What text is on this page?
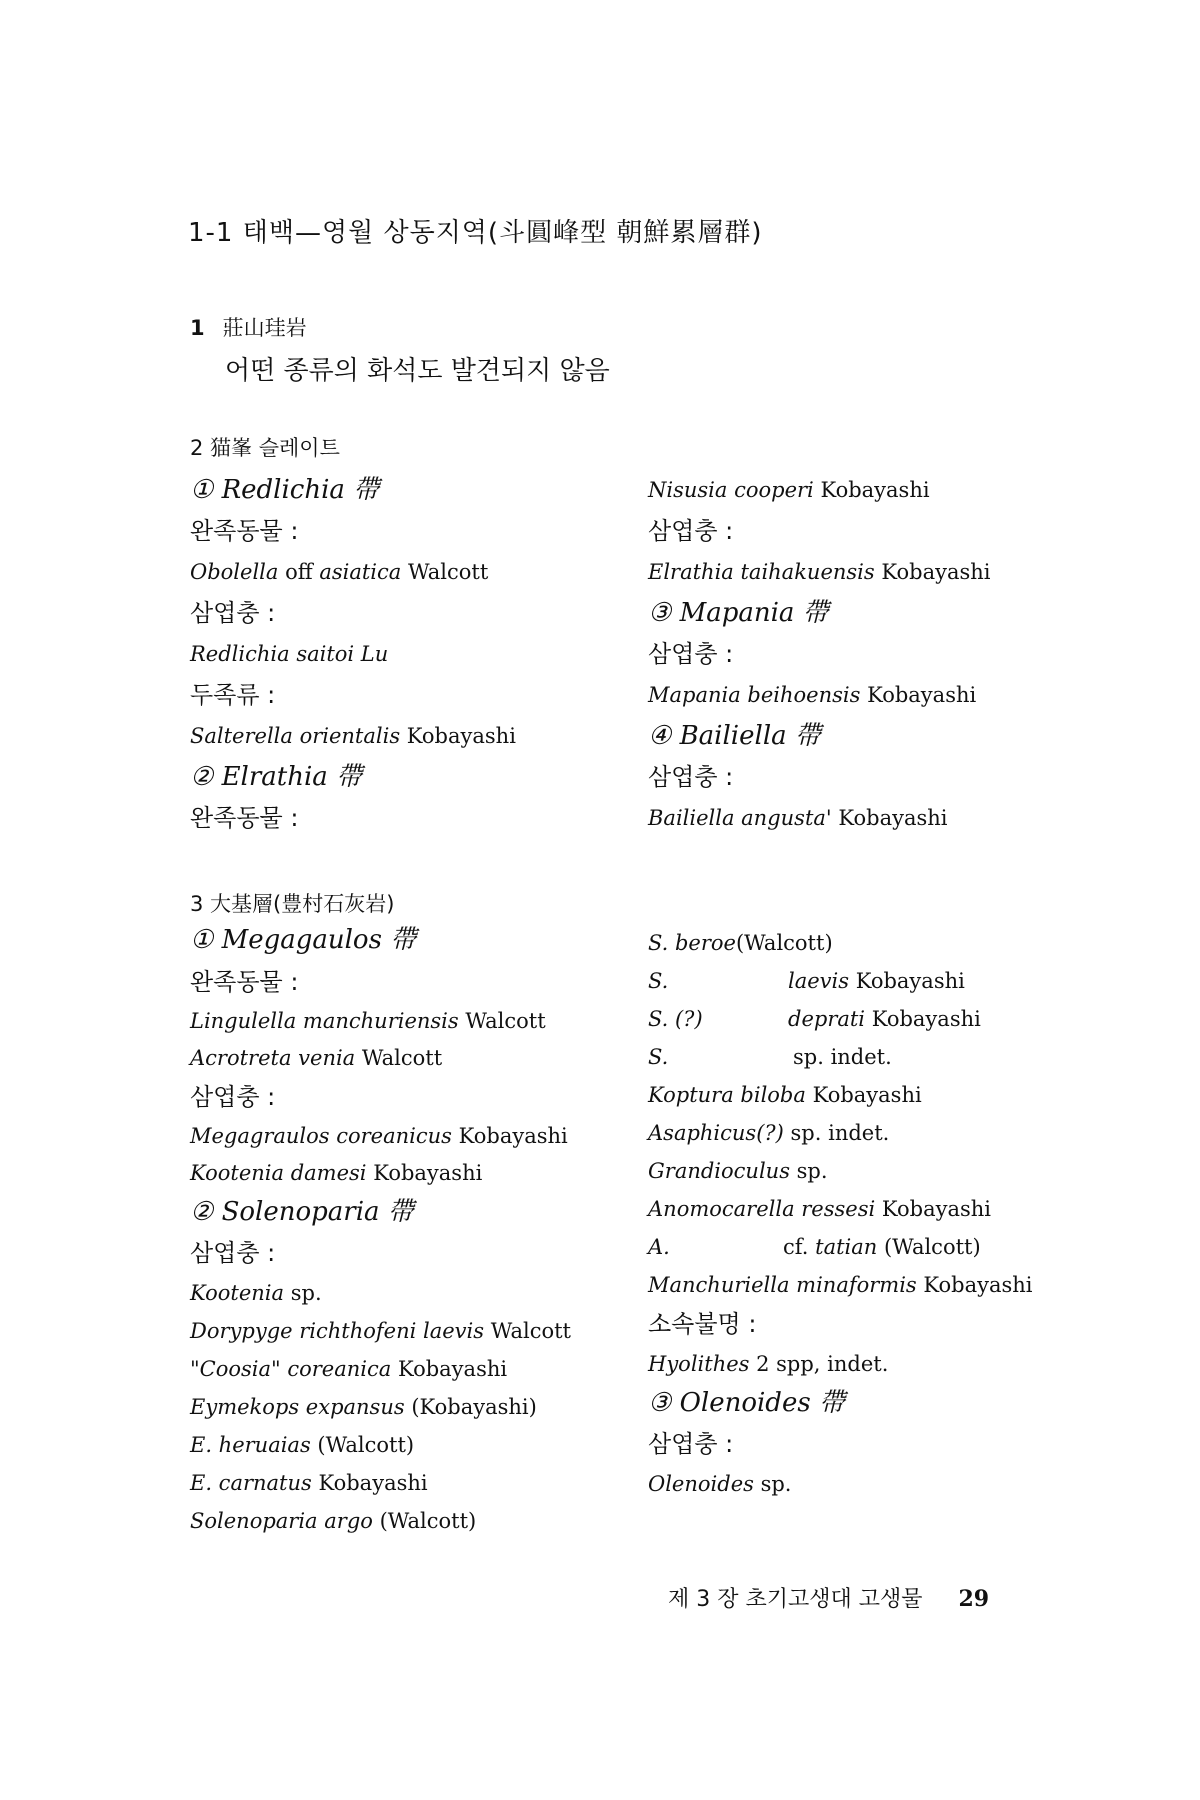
1-1 태백—영월 상동지역(斗圓峰型 朝鮮累層群)
1 莊山珪岩
어떤 종류의 화석도 발견되지 않음
2 猫峯 슬레이트
① Redlichia 帶
완족동물 :
Obolella off asiatica Walcott
삼엽충 :
Redlichia saitoi Lu
두족류 :
Salterella orientalis Kobayashi
② Elrathia 帶
완족동물 :
Nisusia cooperi Kobayashi
삼엽충 :
Elrathia taihakuensis Kobayashi
③ Mapania 帶
삼엽충 :
Mapania beihoensis Kobayashi
④ Bailiella 帶
삼엽충 :
Bailiella angusta' Kobayashi
3 大基層(豊村石灰岩)
① Megagaulos 帶
완족동물 :
Lingulella manchuriensis Walcott
Acrotreta venia Walcott
삼엽충 :
Megagraulos coreanicus Kobayashi
Kootenia damesi Kobayashi
② Solenoparia 帶
삼엽충 :
Kootenia sp.
Dorypyge richthofeni laevis Walcott
"Coosia" coreanica Kobayashi
Eymekops expansus (Kobayashi)
E. heruaias (Walcott)
E. carnatus Kobayashi
Solenoparia argo (Walcott)
S. beroe(Walcott)
S.	laevis Kobayashi
S. (?)	deprati Kobayashi
S.	sp. indet.
Koptura biloba Kobayashi
Asaphicus(?) sp. indet.
Grandioculus sp.
Anomocarella ressesi Kobayashi
A.	cf. tatian (Walcott)
Manchuriella minaformis Kobayashi
소속불명 :
Hyolithes 2 spp, indet.
③ Olenoides 帶
삼엽충 :
Olenoides sp.
제 3 장 초기고생대 고생물 29
